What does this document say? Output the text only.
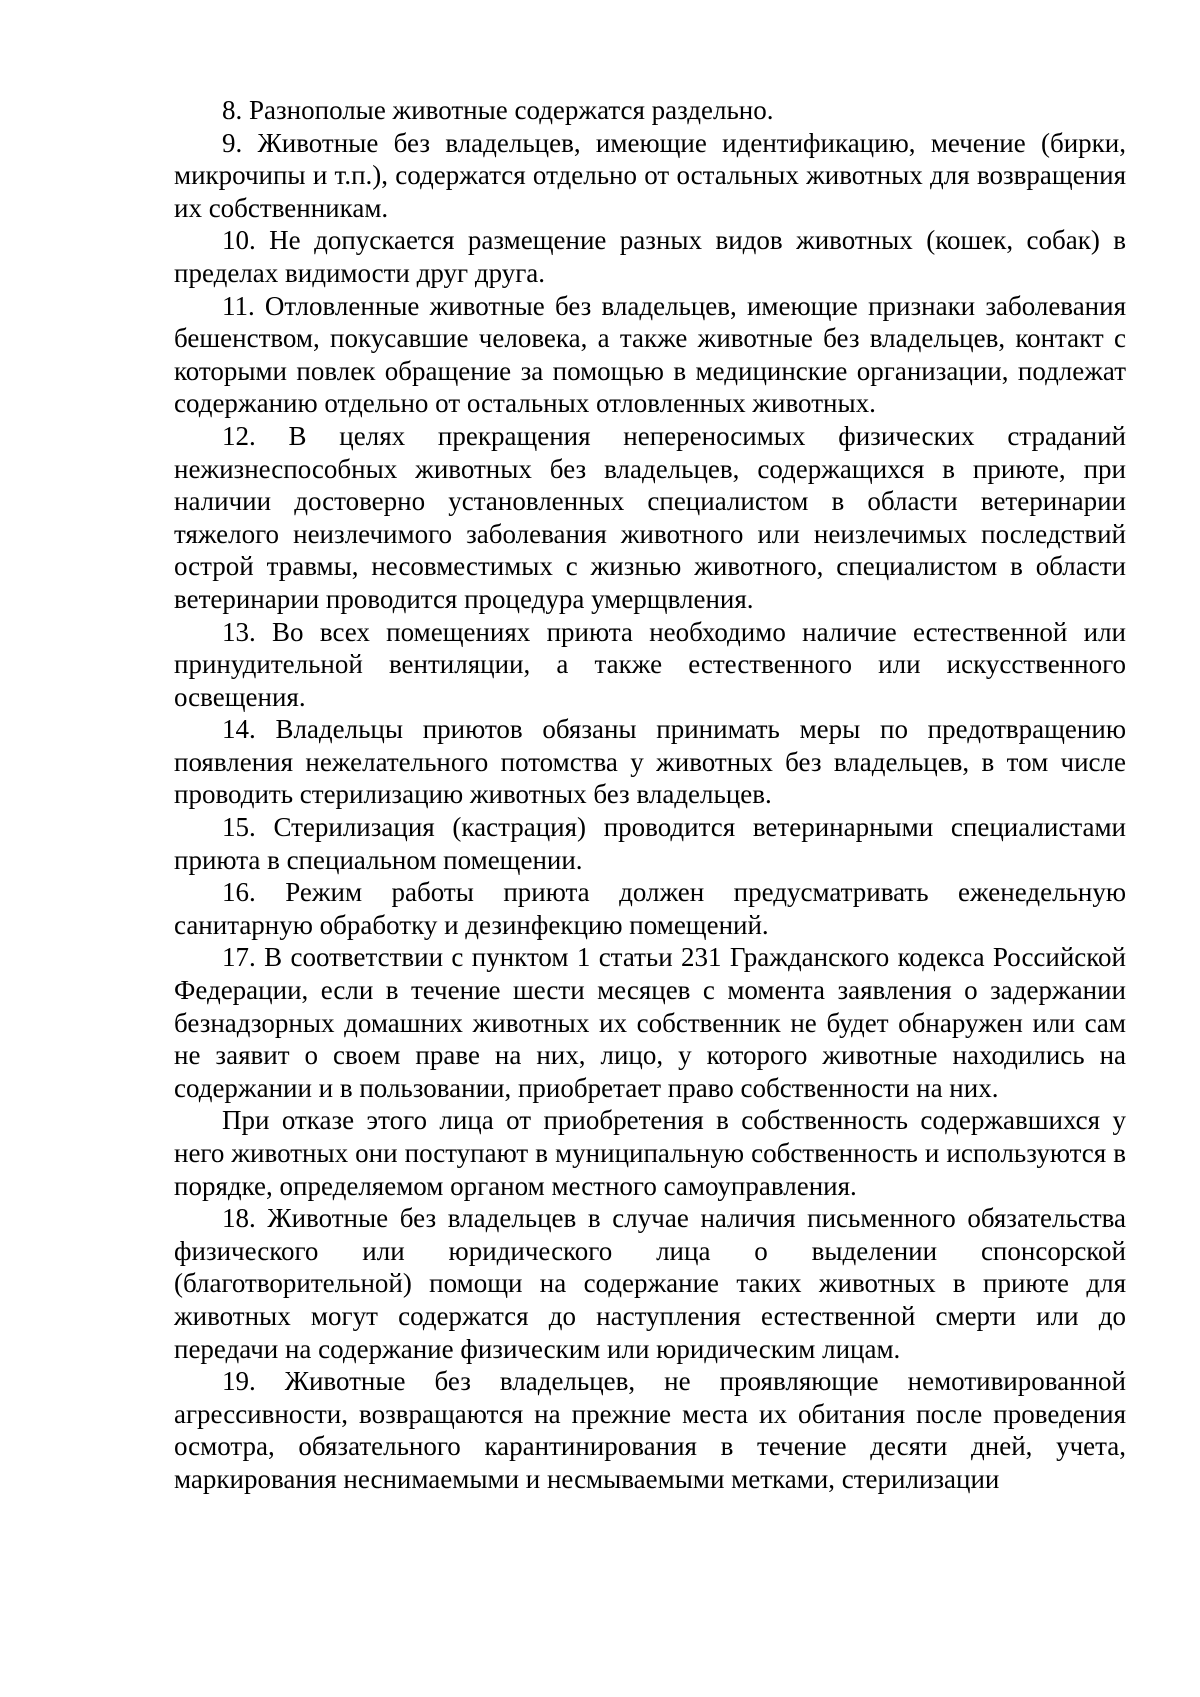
8. Разнополые животные содержатся раздельно.

9. Животные без владельцев, имеющие идентификацию, мечение (бирки, микрочипы и т.п.), содержатся отдельно от остальных животных для возвращения их собственникам.

10. Не допускается размещение разных видов животных (кошек, собак) в пределах видимости друг друга.

11. Отловленные животные без владельцев, имеющие признаки заболевания бешенством, покусавшие человека, а также животные без владельцев, контакт с которыми повлек обращение за помощью в медицинские организации, подлежат содержанию отдельно от остальных отловленных животных.

12. В целях прекращения непереносимых физических страданий нежизнеспособных животных без владельцев, содержащихся в приюте, при наличии достоверно установленных специалистом в области ветеринарии тяжелого неизлечимого заболевания животного или неизлечимых последствий острой травмы, несовместимых с жизнью животного, специалистом в области ветеринарии проводится процедура умерщвления.

13. Во всех помещениях приюта необходимо наличие естественной или принудительной вентиляции, а также естественного или искусственного освещения.

14. Владельцы приютов обязаны принимать меры по предотвращению появления нежелательного потомства у животных без владельцев, в том числе проводить стерилизацию животных без владельцев.

15. Стерилизация (кастрация) проводится ветеринарными специалистами приюта в специальном помещении.

16. Режим работы приюта должен предусматривать еженедельную санитарную обработку и дезинфекцию помещений.

17. В соответствии с пунктом 1 статьи 231 Гражданского кодекса Российской Федерации, если в течение шести месяцев с момента заявления о задержании безнадзорных домашних животных их собственник не будет обнаружен или сам не заявит о своем праве на них, лицо, у которого животные находились на содержании и в пользовании, приобретает право собственности на них.

При отказе этого лица от приобретения в собственность содержавшихся у него животных они поступают в муниципальную собственность и используются в порядке, определяемом органом местного самоуправления.

18. Животные без владельцев в случае наличия письменного обязательства физического или юридического лица о выделении спонсорской (благотворительной) помощи на содержание таких животных в приюте для животных могут содержатся до наступления естественной смерти или до передачи на содержание физическим или юридическим лицам.

19. Животные без владельцев, не проявляющие немотивированной агрессивности, возвращаются на прежние места их обитания после проведения осмотра, обязательного карантинирования в течение десяти дней, учета, маркирования неснимаемыми и несмываемыми метками, стерилизации
